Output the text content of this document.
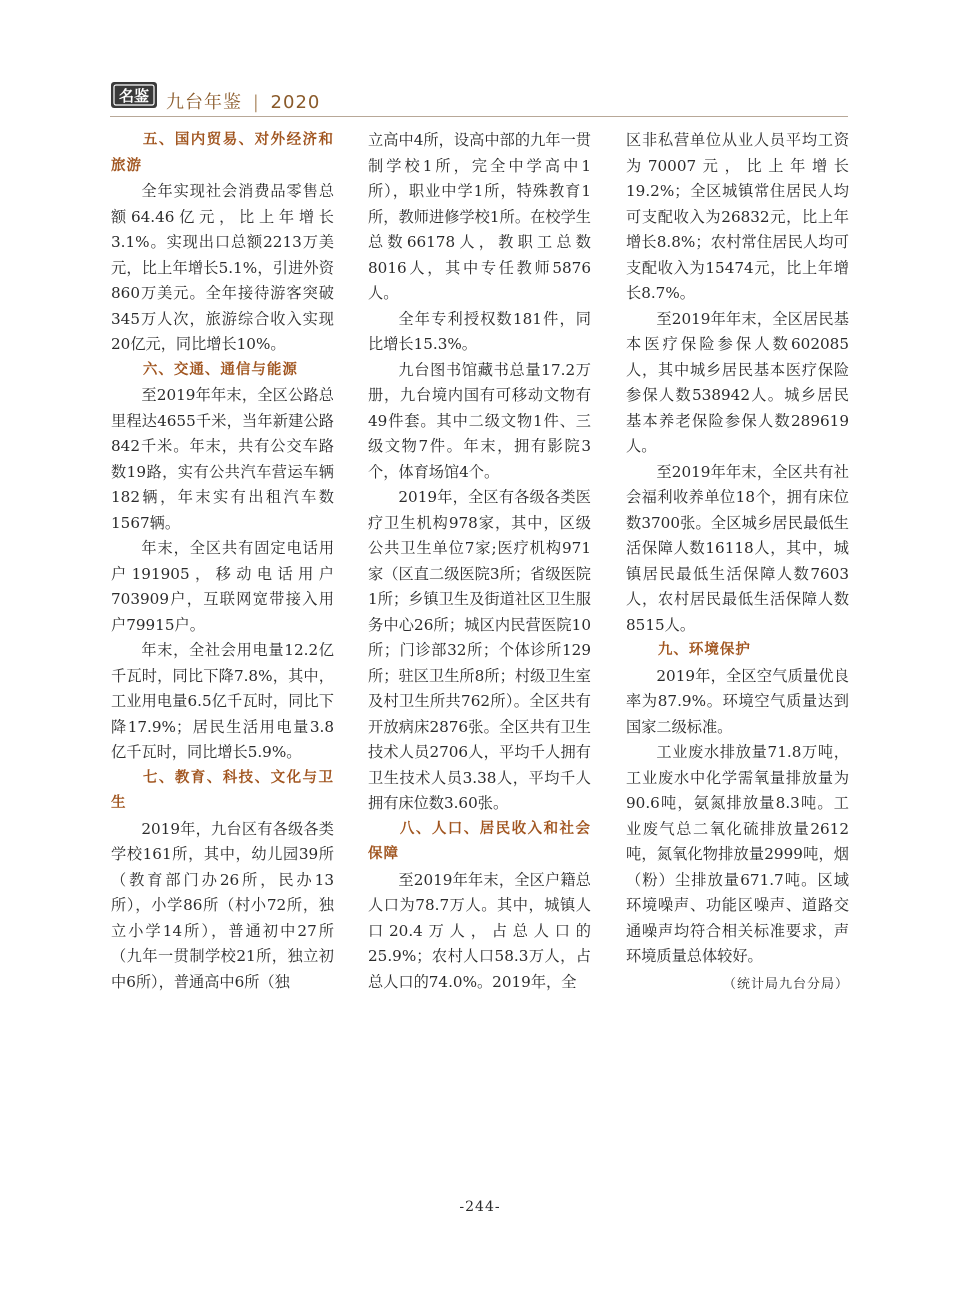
名鉴 九台年鉴 | 2020

五、国内贸易、对外经济和旅游

全年实现社会消费品零售总额64.46亿元，比上年增长3.1%。实现出口总额2213万美元，比上年增长5.1%，引进外资860万美元。全年接待游客突破345万人次，旅游综合收入实现20亿元，同比增长10%。

六、交通、通信与能源

至2019年年末，全区公路总里程达4655千米，当年新建公路842千米。年末，共有公交车路数19路，实有公共汽车营运车辆182辆，年末实有出租汽车数1567辆。

年末，全区共有固定电话用户191905，移动电话用户703909户，互联网宽带接入用户79915户。

年末，全社会用电量12.2亿千瓦时，同比下降7.8%，其中，工业用电量6.5亿千瓦时，同比下降17.9%；居民生活用电量3.8亿千瓦时，同比增长5.9%。

七、教育、科技、文化与卫生

2019年，九台区有各级各类学校161所，其中，幼儿园39所（教育部门办26所，民办13所），小学86所（村小72所，独立小学14所），普通初中27所（九年一贯制学校21所，独立初中6所），普通高中6所（独

立高中4所，设高中部的九年一贯制学校1所，完全中学高中1所），职业中学1所，特殊教育1所，教师进修学校1所。在校学生总数66178人，教职工总数8016人，其中专任教师5876人。

全年专利授权数181件，同比增长15.3%。

九台图书馆藏书总量17.2万册，九台境内国有可移动文物有49件套。其中二级文物1件、三级文物7件。年末，拥有影院3个，体育场馆4个。

2019年，全区有各级各类医疗卫生机构978家，其中，区级公共卫生单位7家;医疗机构971家（区直二级医院3所；省级医院1所；乡镇卫生及街道社区卫生服务中心26所；城区内民营医院10所；门诊部32所；个体诊所129所；驻区卫生所8所；村级卫生室及村卫生所共762所）。全区共有开放病床2876张。全区共有卫生技术人员2706人，平均千人拥有卫生技术人员3.38人，平均千人拥有床位数3.60张。

八、人口、居民收入和社会保障

至2019年年末，全区户籍总人口为78.7万人。其中，城镇人口20.4万人，占总人口的25.9%；农村人口58.3万人，占总人口的74.0%。2019年，全

区非私营单位从业人员平均工资为70007元，比上年增长19.2%；全区城镇常住居民人均可支配收入为26832元，比上年增长8.8%；农村常住居民人均可支配收入为15474元，比上年增长8.7%。

至2019年年末，全区居民基本医疗保险参保人数602085人，其中城乡居民基本医疗保险参保人数538942人。城乡居民基本养老保险参保人数289619人。

至2019年年末，全区共有社会福利收养单位18个，拥有床位数3700张。全区城乡居民最低生活保障人数16118人，其中，城镇居民最低生活保障人数7603人，农村居民最低生活保障人数8515人。

九、环境保护

2019年，全区空气质量优良率为87.9%。环境空气质量达到国家二级标准。

工业废水排放量71.8万吨，工业废水中化学需氧量排放量为90.6吨，氨氮排放量8.3吨。工业废气总二氧化硫排放量2612吨，氮氧化物排放量2999吨，烟（粉）尘排放量671.7吨。区域环境噪声、功能区噪声、道路交通噪声均符合相关标准要求，声环境质量总体较好。

（统计局九台分局）

-244-
